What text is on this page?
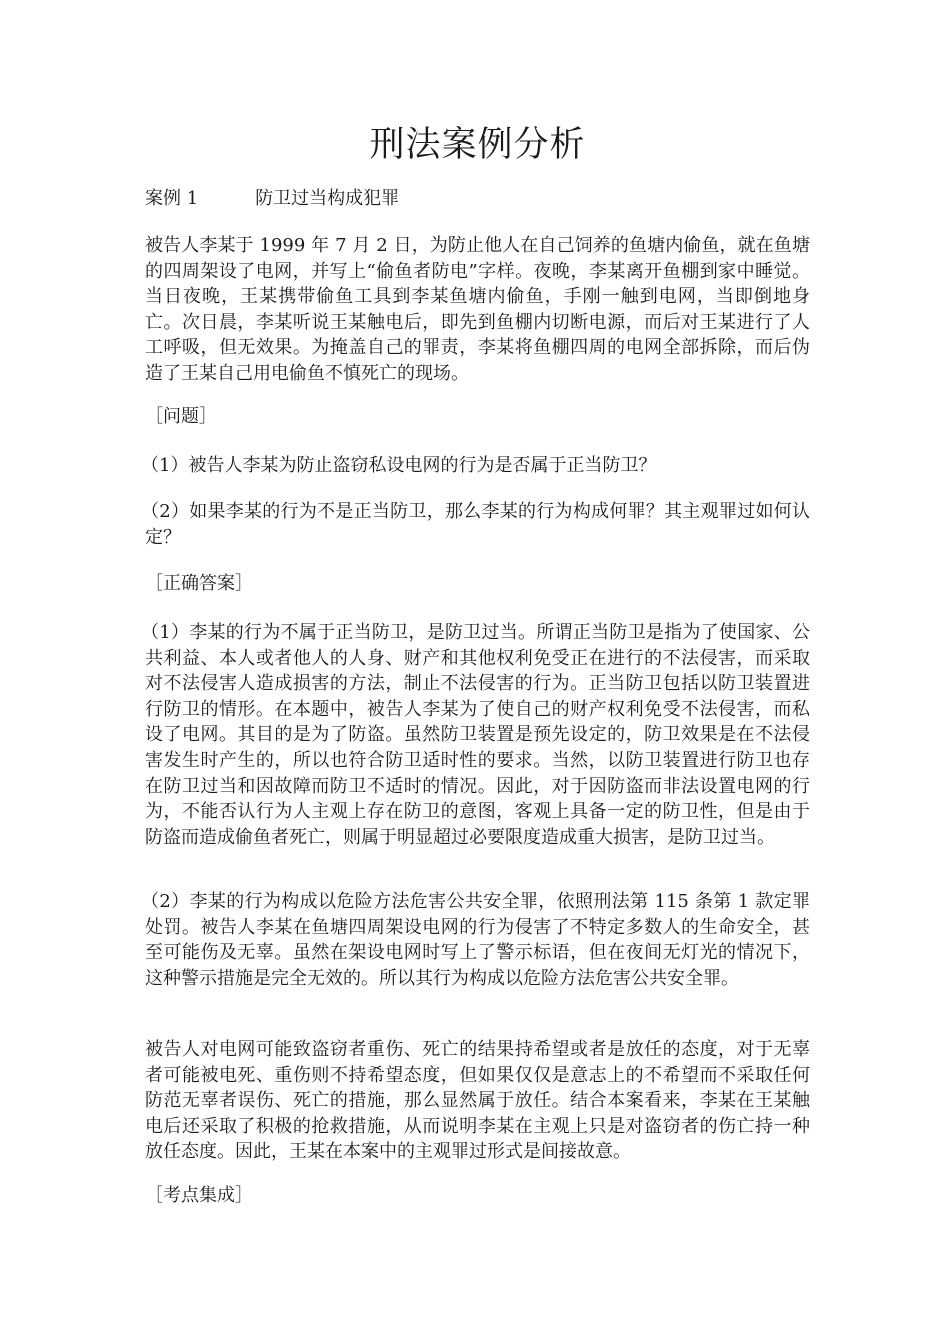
刑法案例分析
案例 1	防卫过当构成犯罪

被告人李某于 1999 年 7 月 2 日，为防止他人在自己饲养的鱼塘内偷鱼，就在鱼塘的四周架设了电网，并写上“偷鱼者防电”字样。夜晚，李某离开鱼棚到家中睡觉。当日夜晚，王某携带偷鱼工具到李某鱼塘内偷鱼，手刚一触到电网，当即倒地身亡。次日晨，李某听说王某触电后，即先到鱼棚内切断电源，而后对王某进行了人工呼吸，但无效果。为掩盖自己的罪责，李某将鱼棚四周的电网全部拆除，而后伪造了王某自己用电偷鱼不慎死亡的现场。

［问题］

（1）被告人李某为防止盗窃私设电网的行为是否属于正当防卫？

（2）如果李某的行为不是正当防卫，那么李某的行为构成何罪？其主观罪过如何认定？

［正确答案］

（1）李某的行为不属于正当防卫，是防卫过当。所谓正当防卫是指为了使国家、公共利益、本人或者他人的人身、财产和其他权利免受正在进行的不法侵害，而采取对不法侵害人造成损害的方法，制止不法侵害的行为。正当防卫包括以防卫装置进行防卫的情形。在本题中，被告人李某为了使自己的财产权利免受不法侵害，而私设了电网。其目的是为了防盗。虽然防卫装置是预先设定的，防卫效果是在不法侵害发生时产生的，所以也符合防卫适时性的要求。当然，以防卫装置进行防卫也存在防卫过当和因故障而防卫不适时的情况。因此，对于因防盗而非法设置电网的行为，不能否认行为人主观上存在防卫的意图，客观上具备一定的防卫性，但是由于防盗而造成偷鱼者死亡，则属于明显超过必要限度造成重大损害，是防卫过当。

（2）李某的行为构成以危险方法危害公共安全罪，依照刑法第 115 条第 1 款定罪处罚。被告人李某在鱼塘四周架设电网的行为侵害了不特定多数人的生命安全，甚至可能伤及无辜。虽然在架设电网时写上了警示标语，但在夜间无灯光的情况下，这种警示措施是完全无效的。所以其行为构成以危险方法危害公共安全罪。

被告人对电网可能致盗窃者重伤、死亡的结果持希望或者是放任的态度，对于无辜者可能被电死、重伤则不持希望态度，但如果仅仅是意志上的不希望而不采取任何防范无辜者误伤、死亡的措施，那么显然属于放任。结合本案看来，李某在王某触电后还采取了积极的抢救措施，从而说明李某在主观上只是对盗窃者的伤亡持一种放任态度。因此，王某在本案中的主观罪过形式是间接故意。

［考点集成］
